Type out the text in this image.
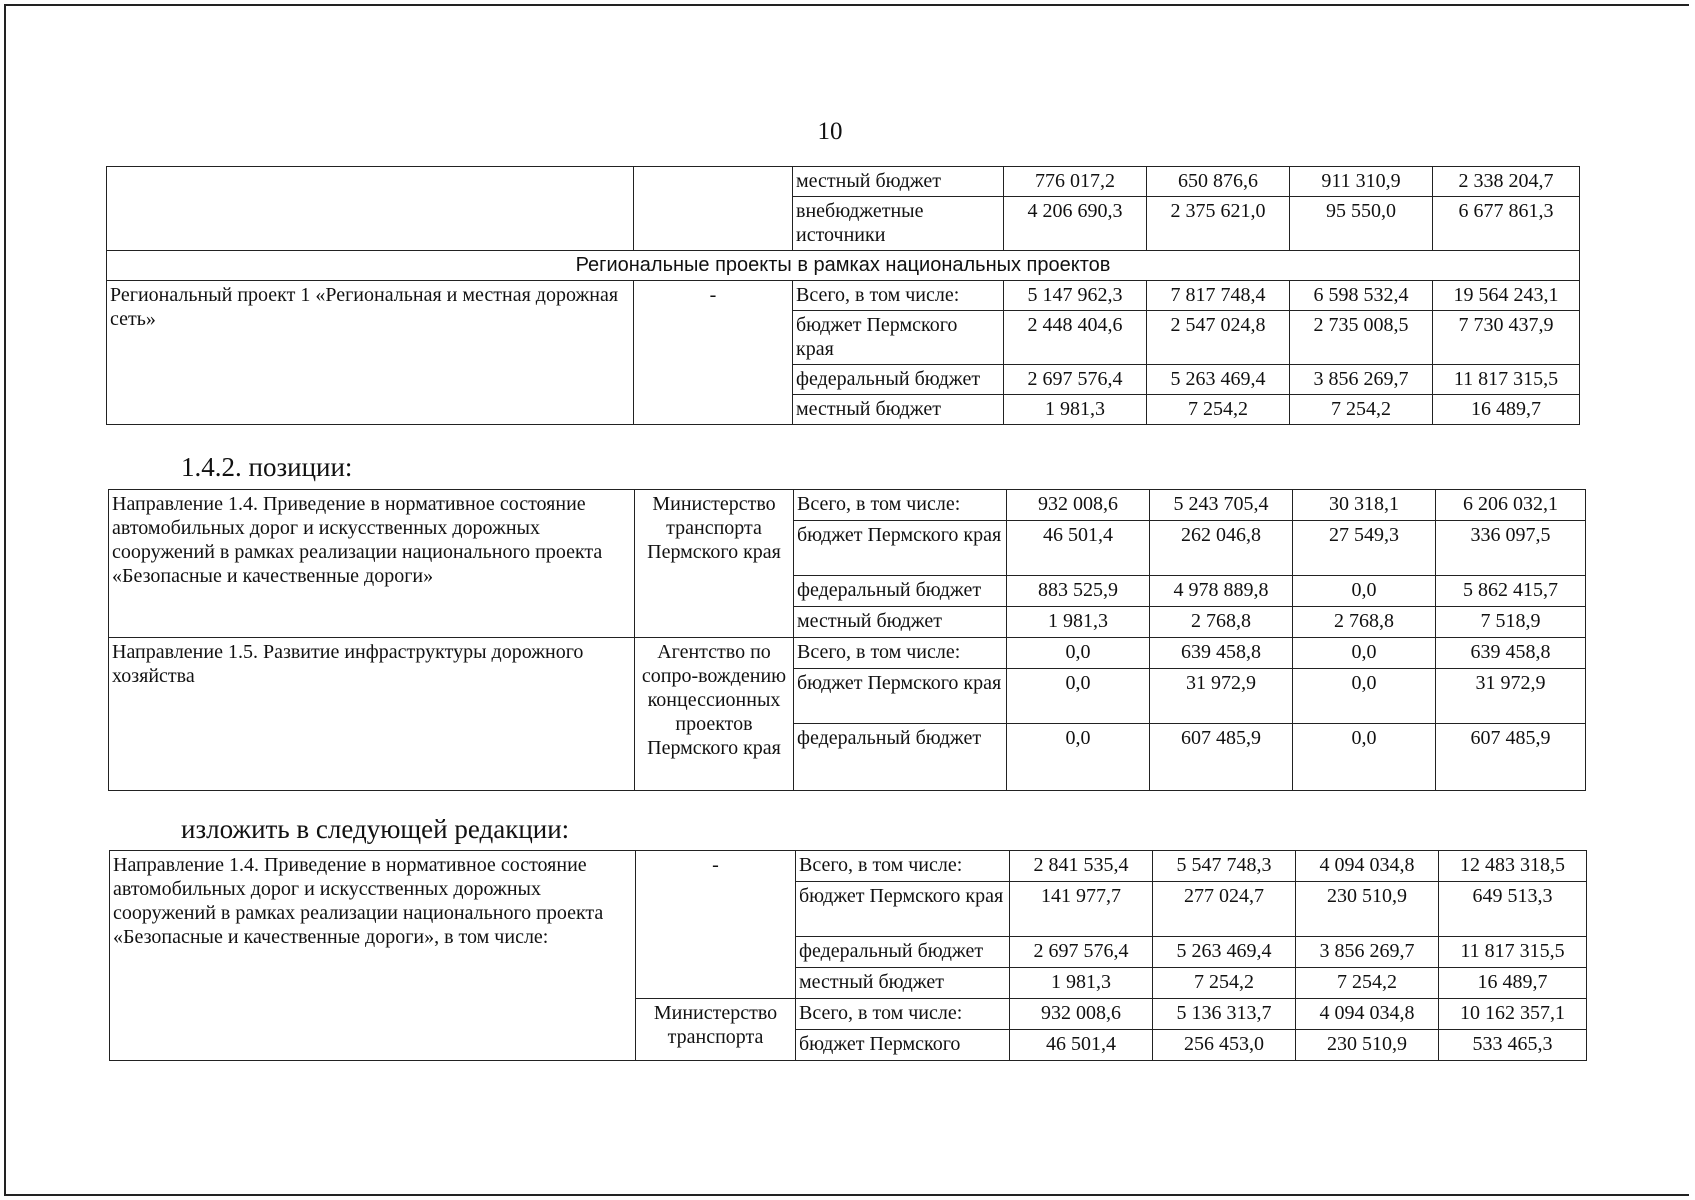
10
		местный бюджет	776 017,2	650 876,6	911 310,9	2 338 204,7
		внебюджетные источники	4 206 690,3	2 375 621,0	95 550,0	6 677 861,3
Региональные проекты в рамках национальных проектов						
Региональный проект 1 «Региональная и местная дорожная сеть»	-	Всего, в том числе:	5 147 962,3	7 817 748,4	6 598 532,4	19 564 243,1
		бюджет Пермского края	2 448 404,6	2 547 024,8	2 735 008,5	7 730 437,9
		федеральный бюджет	2 697 576,4	5 263 469,4	3 856 269,7	11 817 315,5
		местный бюджет	1 981,3	7 254,2	7 254,2	16 489,7
1.4.2. позиции:
Направление 1.4. Приведение в нормативное состояние автомобильных дорог и искусственных дорожных сооружений в рамках реализации национального проекта «Безопасные и качественные дороги»	Министерство транспорта Пермского края	Всего, в том числе:	932 008,6	5 243 705,4	30 318,1	6 206 032,1
		бюджет Пермского края	46 501,4	262 046,8	27 549,3	336 097,5
		федеральный бюджет	883 525,9	4 978 889,8	0,0	5 862 415,7
		местный бюджет	1 981,3	2 768,8	2 768,8	7 518,9
Направление 1.5. Развитие инфраструктуры дорожного хозяйства	Агентство по сопро-вождению концессионных проектов Пермского края	Всего, в том числе:	0,0	639 458,8	0,0	639 458,8
		бюджет Пермского края	0,0	31 972,9	0,0	31 972,9
		федеральный бюджет	0,0	607 485,9	0,0	607 485,9
изложить в следующей редакции:
Направление 1.4. Приведение в нормативное состояние автомобильных дорог и искусственных дорожных сооружений в рамках реализации национального проекта «Безопасные и качественные дороги», в том числе:	-	Всего, в том числе:	2 841 535,4	5 547 748,3	4 094 034,8	12 483 318,5
		бюджет Пермского края	141 977,7	277 024,7	230 510,9	649 513,3
		федеральный бюджет	2 697 576,4	5 263 469,4	3 856 269,7	11 817 315,5
		местный бюджет	1 981,3	7 254,2	7 254,2	16 489,7
	Министерство транспорта	Всего, в том числе:	932 008,6	5 136 313,7	4 094 034,8	10 162 357,1
		бюджет Пермского	46 501,4	256 453,0	230 510,9	533 465,3
